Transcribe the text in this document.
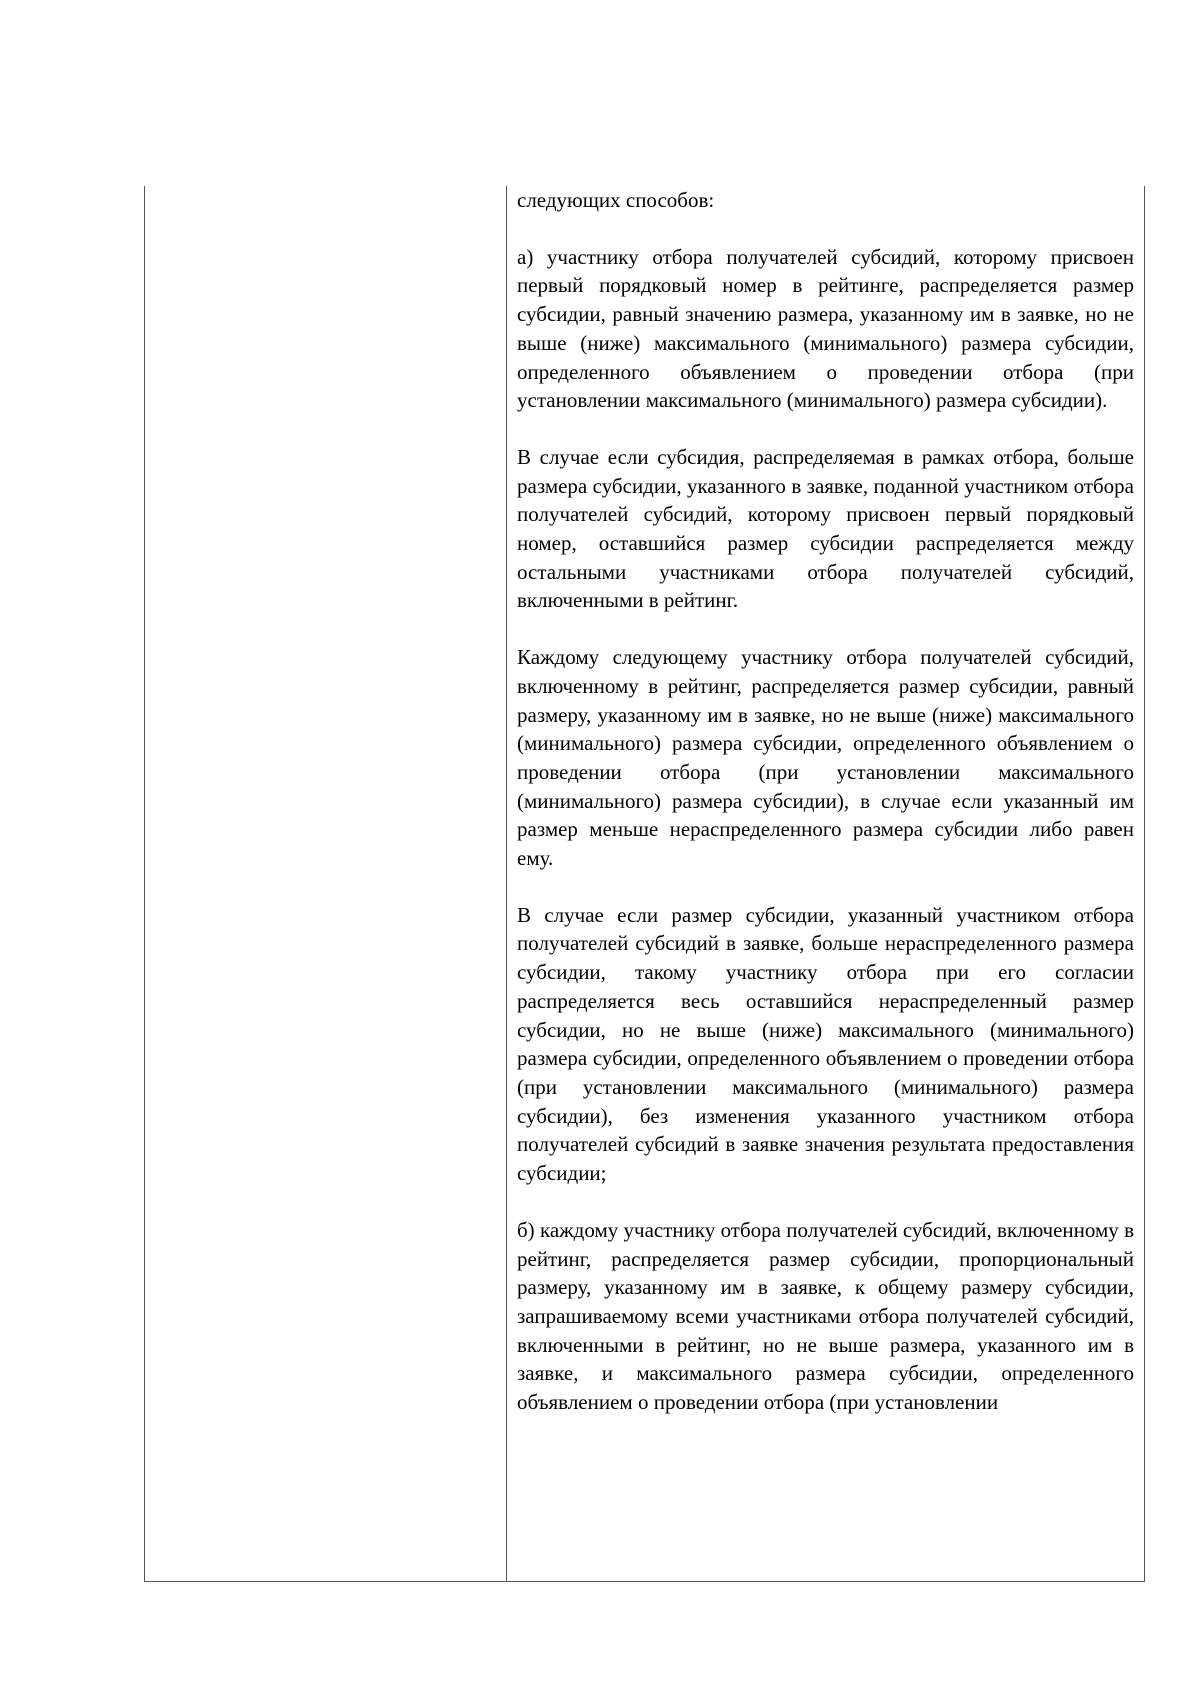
следующих способов:

а) участнику отбора получателей субсидий, которому присвоен первый порядковый номер в рейтинге, распределяется размер субсидии, равный значению размера, указанному им в заявке, но не выше (ниже) максимального (минимального) размера субсидии, определенного объявлением о проведении отбора (при установлении максимального (минимального) размера субсидии).

В случае если субсидия, распределяемая в рамках отбора, больше размера субсидии, указанного в заявке, поданной участником отбора получателей субсидий, которому присвоен первый порядковый номер, оставшийся размер субсидии распределяется между остальными участниками отбора получателей субсидий, включенными в рейтинг.

Каждому следующему участнику отбора получателей субсидий, включенному в рейтинг, распределяется размер субсидии, равный размеру, указанному им в заявке, но не выше (ниже) максимального (минимального) размера субсидии, определенного объявлением о проведении отбора (при установлении максимального (минимального) размера субсидии), в случае если указанный им размер меньше нераспределенного размера субсидии либо равен ему.

В случае если размер субсидии, указанный участником отбора получателей субсидий в заявке, больше нераспределенного размера субсидии, такому участнику отбора при его согласии распределяется весь оставшийся нераспределенный размер субсидии, но не выше (ниже) максимального (минимального) размера субсидии, определенного объявлением о проведении отбора (при установлении максимального (минимального) размера субсидии), без изменения указанного участником отбора получателей субсидий в заявке значения результата предоставления субсидии;

б) каждому участнику отбора получателей субсидий, включенному в рейтинг, распределяется размер субсидии, пропорциональный размеру, указанному им в заявке, к общему размеру субсидии, запрашиваемому всеми участниками отбора получателей субсидий, включенными в рейтинг, но не выше размера, указанного им в заявке, и максимального размера субсидии, определенного объявлением о проведении отбора (при установлении
